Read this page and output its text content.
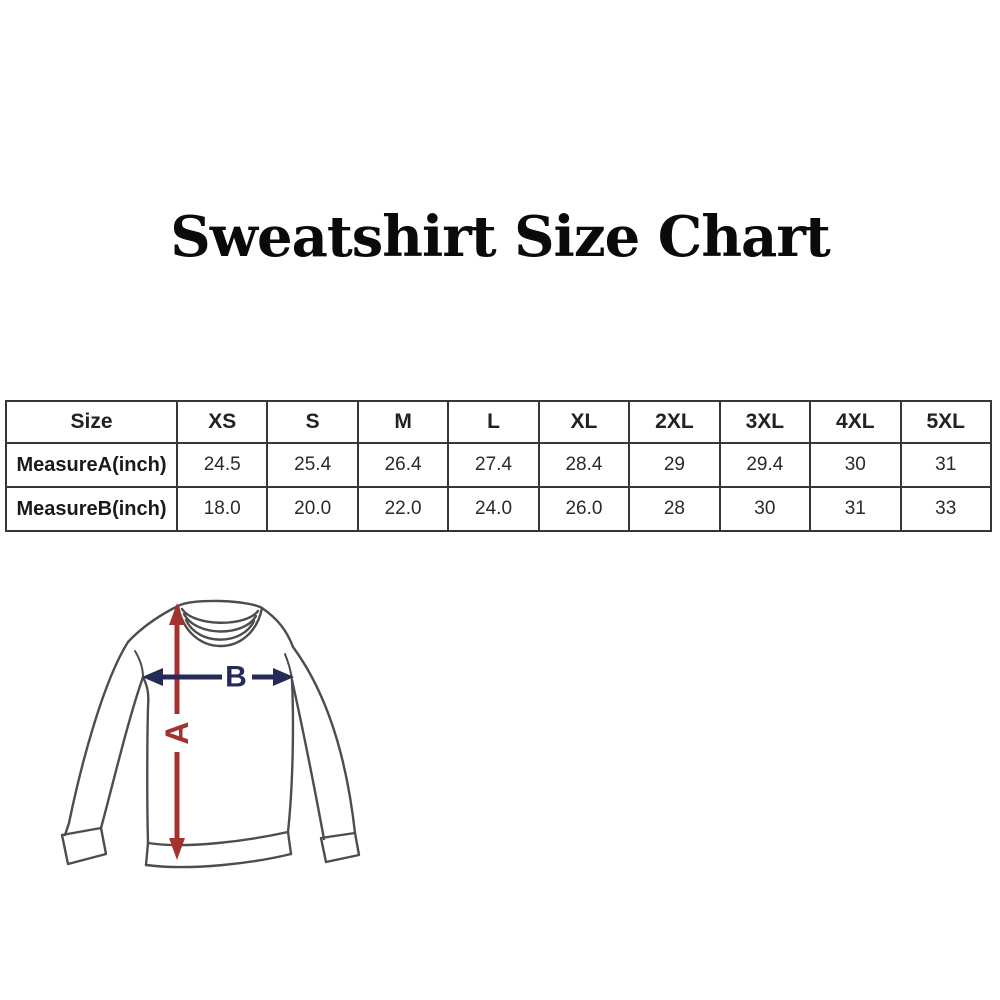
Sweatshirt Size Chart
Size	XS	S	M	L	XL	2XL	3XL	4XL	5XL
MeasureA(inch)	24.5	25.4	26.4	27.4	28.4	29	29.4	30	31
MeasureB(inch)	18.0	20.0	22.0	24.0	26.0	28	30	31	33
A
B
